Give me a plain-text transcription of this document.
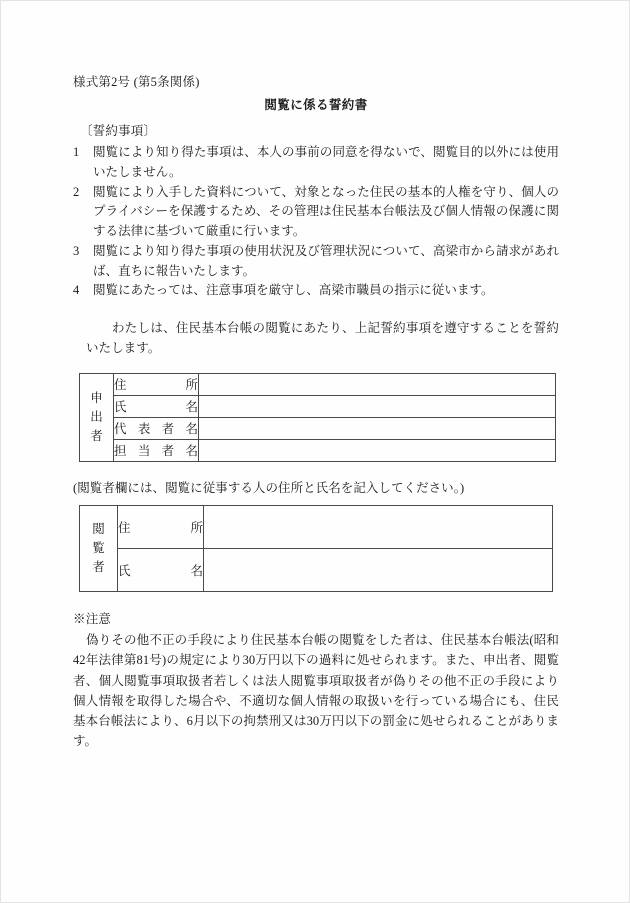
様式第2号 (第5条関係)

閲覧に係る誓約書

〔誓約事項〕

1	閲覧により知り得た事項は、本人の事前の同意を得ないで、閲覧目的以外には使用いたしません。
2	閲覧により入手した資料について、対象となった住民の基本的人権を守り、個人のプライバシーを保護するため、その管理は住民基本台帳法及び個人情報の保護に関する法律に基づいて厳重に行います。
3	閲覧により知り得た事項の使用状況及び管理状況について、高梁市から請求があれば、直ちに報告いたします。
4	閲覧にあたっては、注意事項を厳守し、高梁市職員の指示に従います。

わたしは、住民基本台帳の閲覧にあたり、上記誓約事項を遵守することを誓約いたします。

申
出
者	住　　所	
	氏　　名	
	代 表 者 名	
	担 当 者 名	

(閲覧者欄には、閲覧に従事する人の住所と氏名を記入してください。)

閲
覧
者	住　　所	
	氏　　名	

※注意

偽りその他不正の手段により住民基本台帳の閲覧をした者は、住民基本台帳法(昭和42年法律第81号)の規定により30万円以下の過料に処せられます。また、申出者、閲覧者、個人閲覧事項取扱者若しくは法人閲覧事項取扱者が偽りその他不正の手段により個人情報を取得した場合や、不適切な個人情報の取扱いを行っている場合にも、住民基本台帳法により、6月以下の拘禁刑又は30万円以下の罰金に処せられることがあります。
